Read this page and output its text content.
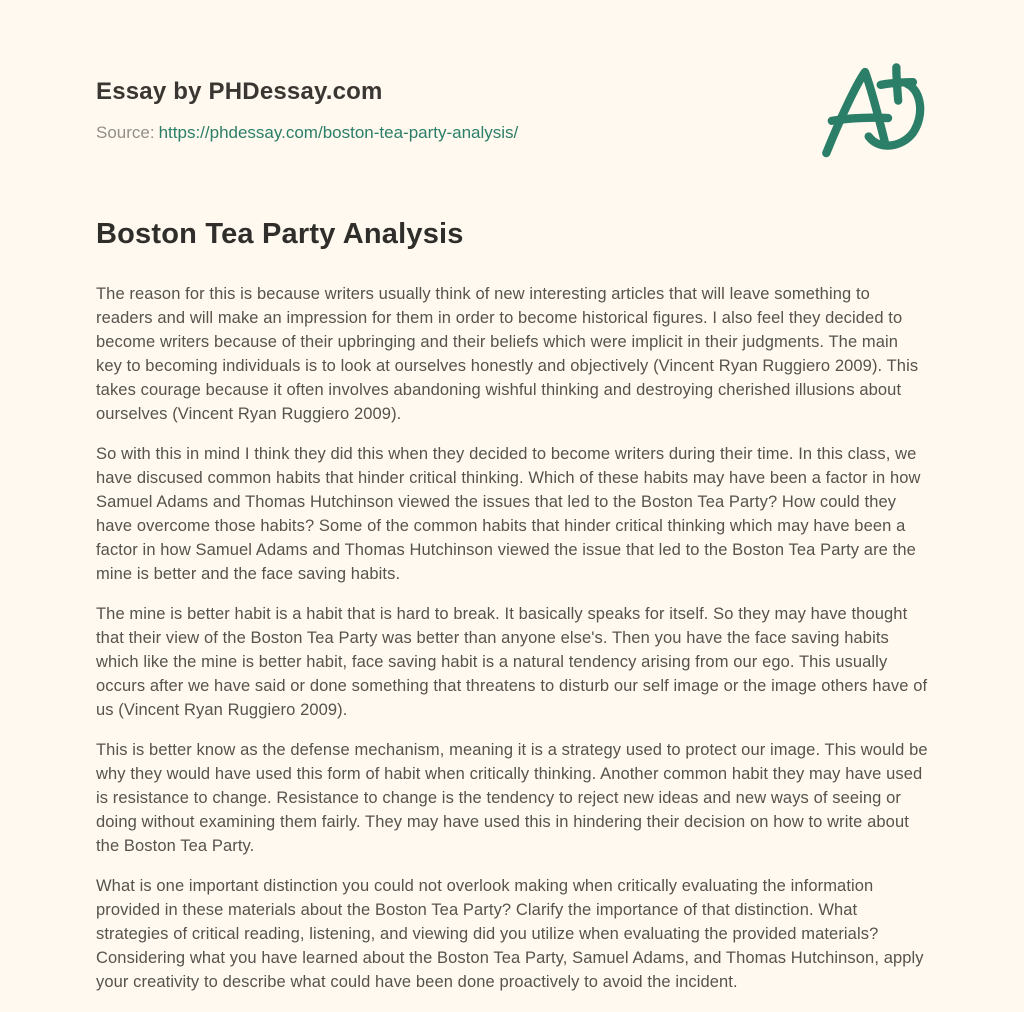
Essay by PHDessay.com
Source: https://phdessay.com/boston-tea-party-analysis/
Boston Tea Party Analysis

The reason for this is because writers usually think of new interesting articles that will leave something to readers and will make an impression for them in order to become historical figures. I also feel they decided to become writers because of their upbringing and their beliefs which were implicit in their judgments. The main key to becoming individuals is to look at ourselves honestly and objectively (Vincent Ryan Ruggiero 2009). This takes courage because it often involves abandoning wishful thinking and destroying cherished illusions about ourselves (Vincent Ryan Ruggiero 2009).

So with this in mind I think they did this when they decided to become writers during their time. In this class, we have discused common habits that hinder critical thinking. Which of these habits may have been a factor in how Samuel Adams and Thomas Hutchinson viewed the issues that led to the Boston Tea Party? How could they have overcome those habits? Some of the common habits that hinder critical thinking which may have been a factor in how Samuel Adams and Thomas Hutchinson viewed the issue that led to the Boston Tea Party are the mine is better and the face saving habits.

The mine is better habit is a habit that is hard to break. It basically speaks for itself. So they may have thought that their view of the Boston Tea Party was better than anyone else's. Then you have the face saving habits which like the mine is better habit, face saving habit is a natural tendency arising from our ego. This usually occurs after we have said or done something that threatens to disturb our self image or the image others have of us (Vincent Ryan Ruggiero 2009).

This is better know as the defense mechanism, meaning it is a strategy used to protect our image. This would be why they would have used this form of habit when critically thinking. Another common habit they may have used is resistance to change. Resistance to change is the tendency to reject new ideas and new ways of seeing or doing without examining them fairly. They may have used this in hindering their decision on how to write about the Boston Tea Party.

What is one important distinction you could not overlook making when critically evaluating the information provided in these materials about the Boston Tea Party? Clarify the importance of that distinction. What strategies of critical reading, listening, and viewing did you utilize when evaluating the provided materials? Considering what you have learned about the Boston Tea Party, Samuel Adams, and Thomas Hutchinson, apply your creativity to describe what could have been done proactively to avoid the incident.
